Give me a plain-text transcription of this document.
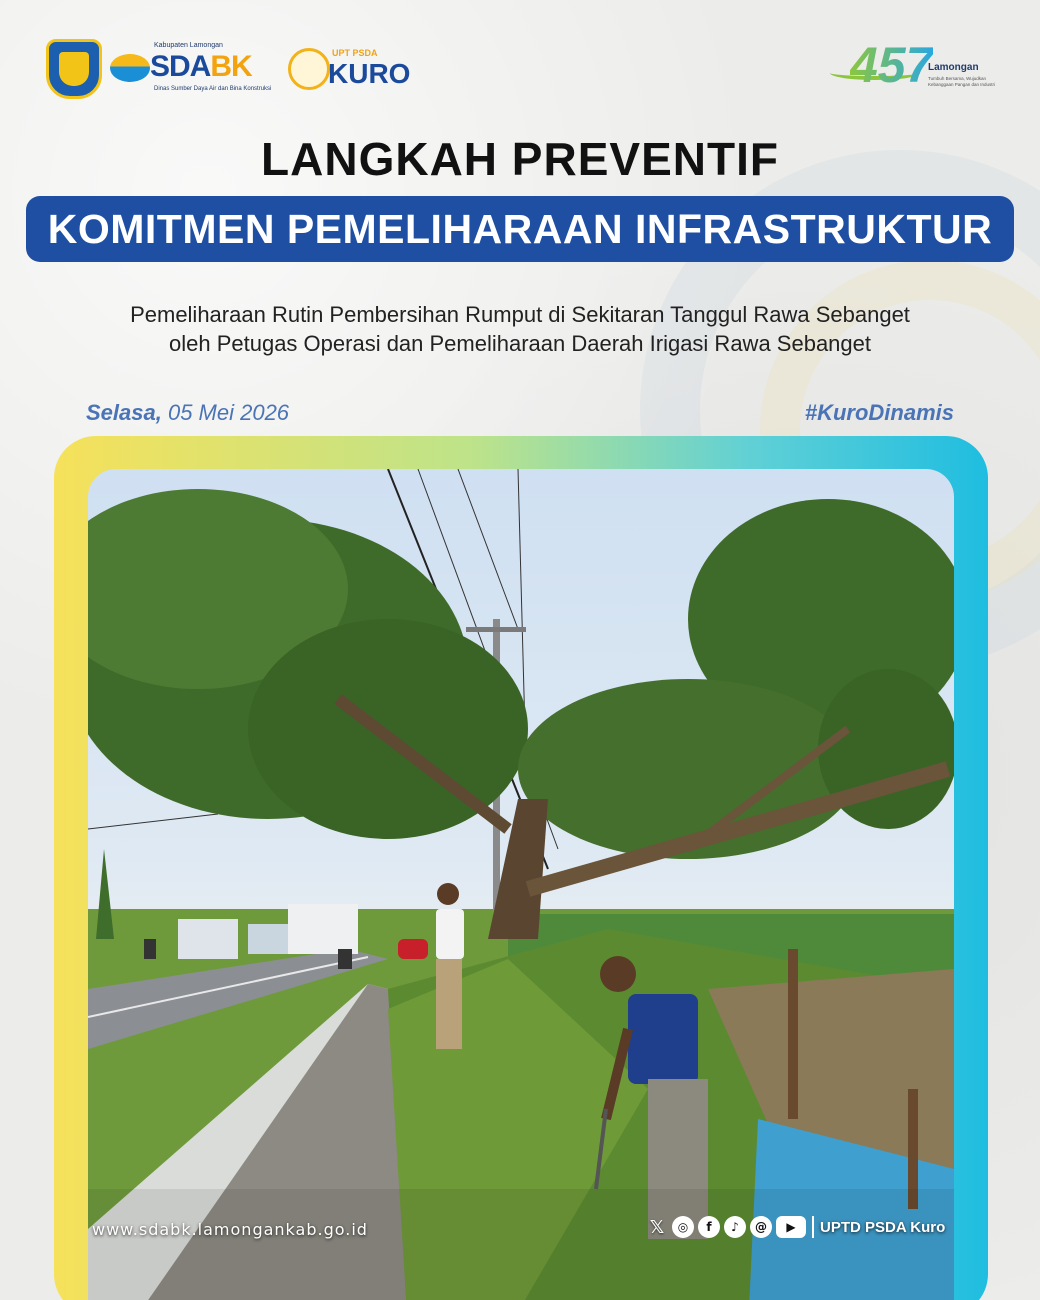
Kabupaten Lamongan
SDABK
Dinas Sumber Daya Air dan Bina Konstruksi
UPT PSDA
KURO	457
Lamongan
Tumbuh Bersama, Wujudkan Kebanggaan Pangan dan Industri
LANGKAH PREVENTIF
KOMITMEN PEMELIHARAAN INFRASTRUKTUR

Pemeliharaan Rutin Pembersihan Rumput di Sekitaran Tanggul Rawa Sebanget

oleh Petugas Operasi dan Pemeliharaan Daerah Irigasi Rawa Sebanget

Selasa, 05 Mei 2026	#KuroDinamis
www.sdabk.lamongankab.go.id	𝕏	◎	f	♪	@	▶	UPTD PSDA Kuro
